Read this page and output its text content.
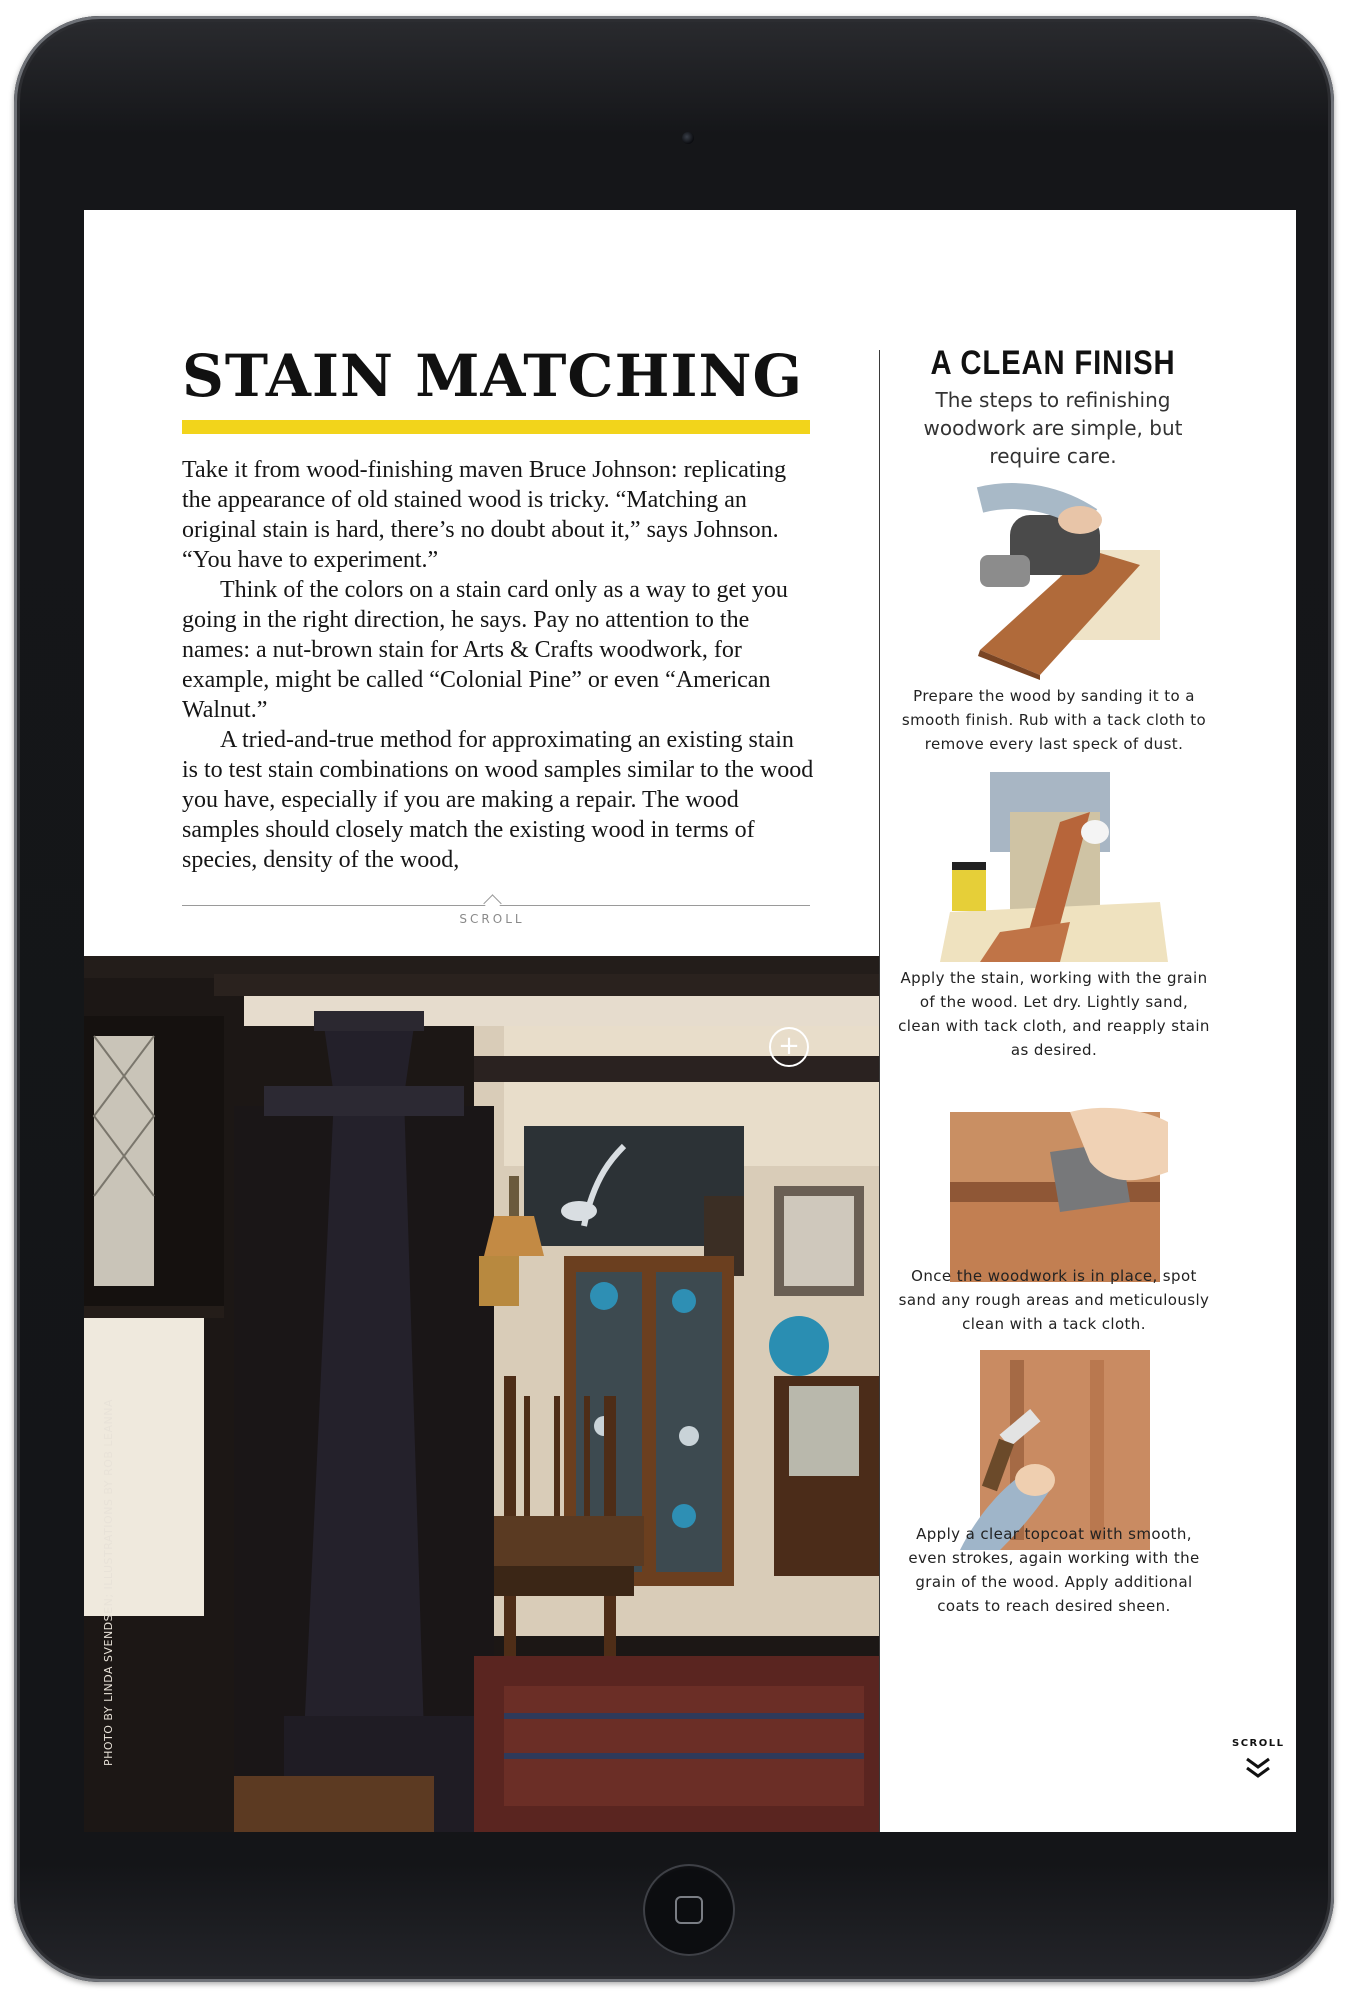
STAIN MATCHING

Take it from wood-finishing maven Bruce Johnson: replicating the appearance of old stained wood is tricky. “Matching an original stain is hard, there’s no doubt about it,” says Johnson. “You have to experiment.”

Think of the colors on a stain card only as a way to get you going in the right direction, he says. Pay no attention to the names: a nut-brown stain for Arts & Crafts woodwork, for example, might be called “Colonial Pine” or even “American Walnut.”

A tried-and-true method for approximating an existing stain is to test stain combinations on wood samples similar to the wood you have, especially if you are making a repair. The wood samples should closely match the existing wood in terms of species, density of the wood,

SCROLL
PHOTO BY LINDA SVENDSEN; ILLUSTRATIONS BY ROB LEANNA
+
A CLEAN FINISH
The steps to refinishing woodwork are simple, but require care.
Prepare the wood by sanding it to a smooth finish. Rub with a tack cloth to remove every last speck of dust.
Apply the stain, working with the grain of the wood. Let dry. Lightly sand, clean with tack cloth, and reapply stain as desired.
Once the woodwork is in place, spot sand any rough areas and meticulously clean with a tack cloth.
Apply a clear topcoat with smooth, even strokes, again working with the grain of the wood. Apply additional coats to reach desired sheen.
SCROLL
